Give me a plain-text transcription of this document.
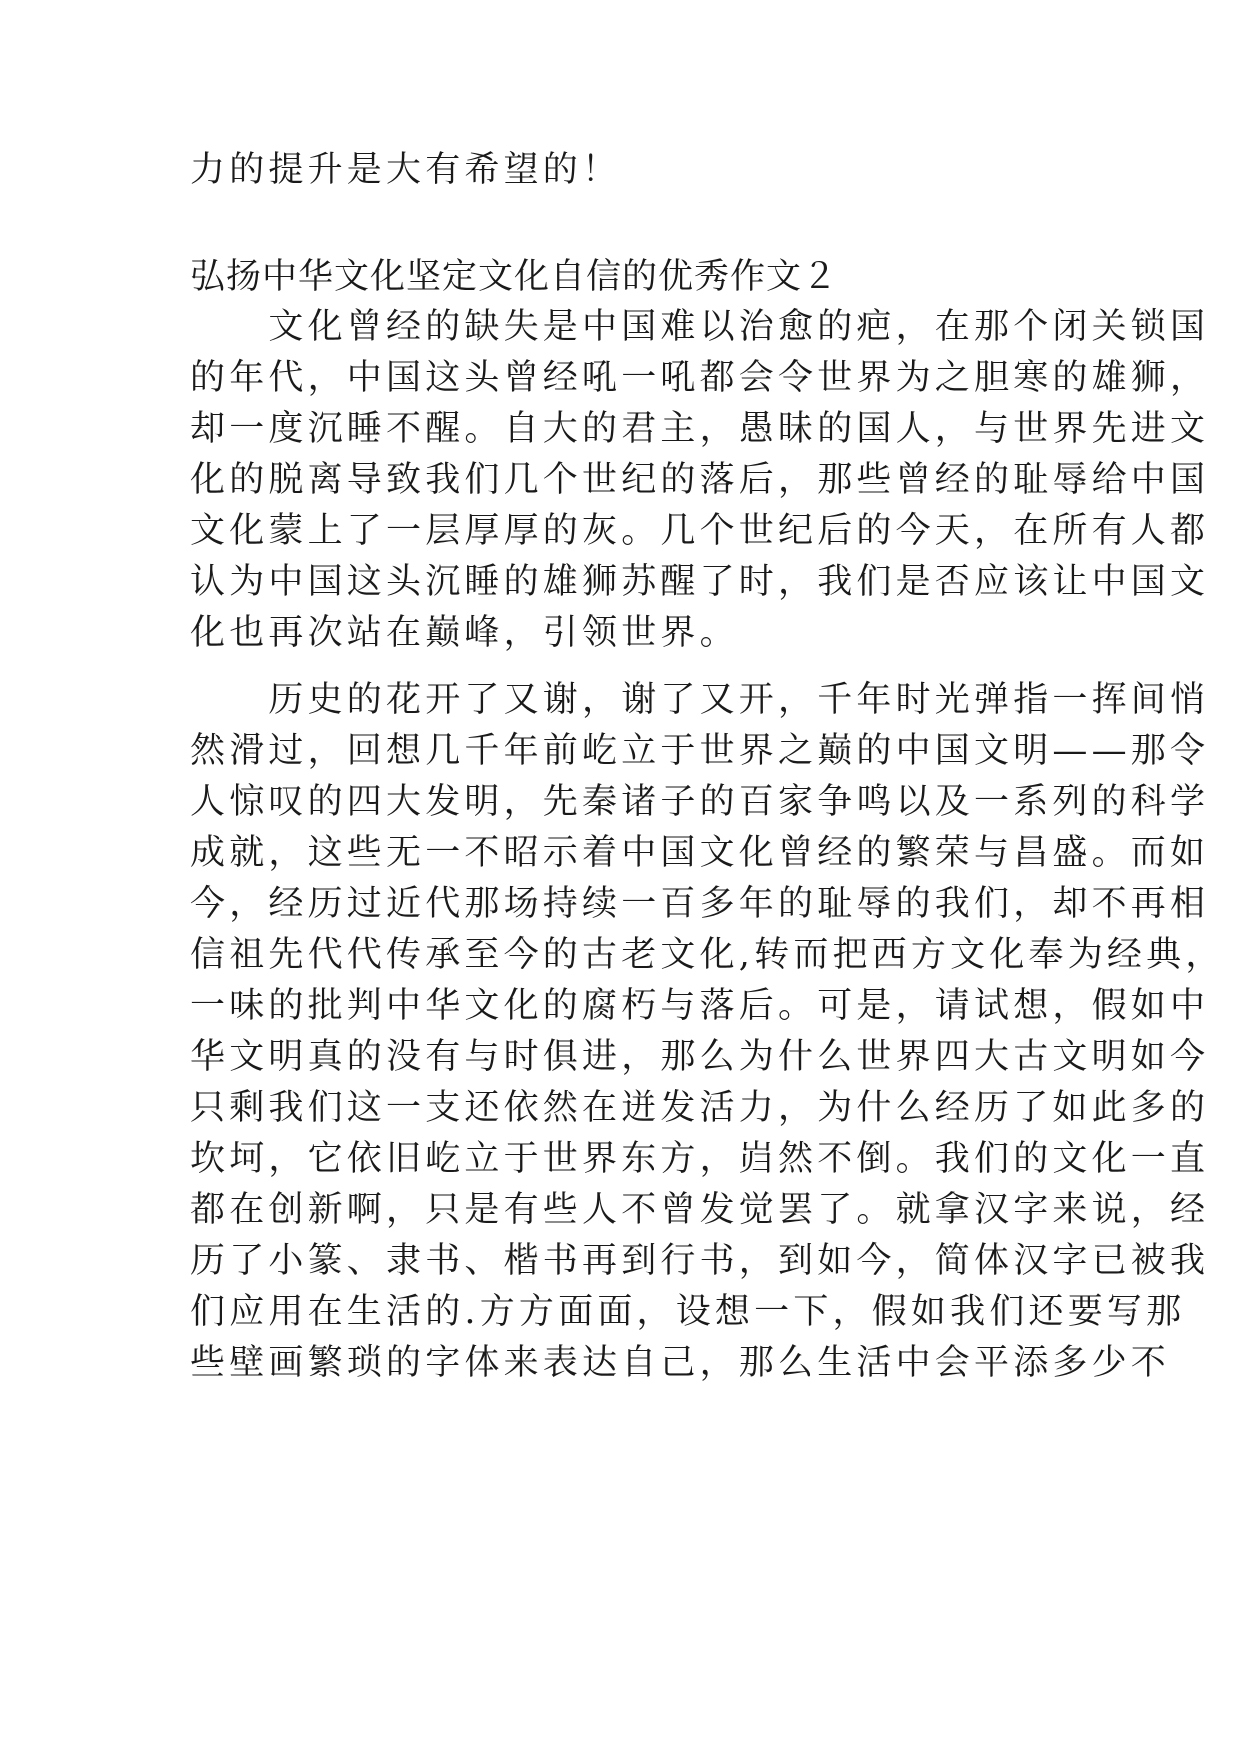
力的提升是大有希望的！
弘扬中华文化坚定文化自信的优秀作文２
　　文化曾经的缺失是中国难以治愈的疤，在那个闭关锁国
的年代，中国这头曾经吼一吼都会令世界为之胆寒的雄狮，
却一度沉睡不醒。自大的君主，愚昧的国人，与世界先进文
化的脱离导致我们几个世纪的落后，那些曾经的耻辱给中国
文化蒙上了一层厚厚的灰。几个世纪后的今天，在所有人都
认为中国这头沉睡的雄狮苏醒了时，我们是否应该让中国文
化也再次站在巅峰，引领世界。
　　历史的花开了又谢，谢了又开，千年时光弹指一挥间悄
然滑过，回想几千年前屹立于世界之巅的中国文明——那令
人惊叹的四大发明，先秦诸子的百家争鸣以及一系列的科学
成就，这些无一不昭示着中国文化曾经的繁荣与昌盛。而如
今，经历过近代那场持续一百多年的耻辱的我们，却不再相
信祖先代代传承至今的古老文化,转而把西方文化奉为经典，
一味的批判中华文化的腐朽与落后。可是，请试想，假如中
华文明真的没有与时俱进，那么为什么世界四大古文明如今
只剩我们这一支还依然在迸发活力，为什么经历了如此多的
坎坷，它依旧屹立于世界东方，岿然不倒。我们的文化一直
都在创新啊，只是有些人不曾发觉罢了。就拿汉字来说，经
历了小篆、隶书、楷书再到行书，到如今，简体汉字已被我
们应用在生活的.方方面面，设想一下，假如我们还要写那
些壁画繁琐的字体来表达自己，那么生活中会平添多少不
